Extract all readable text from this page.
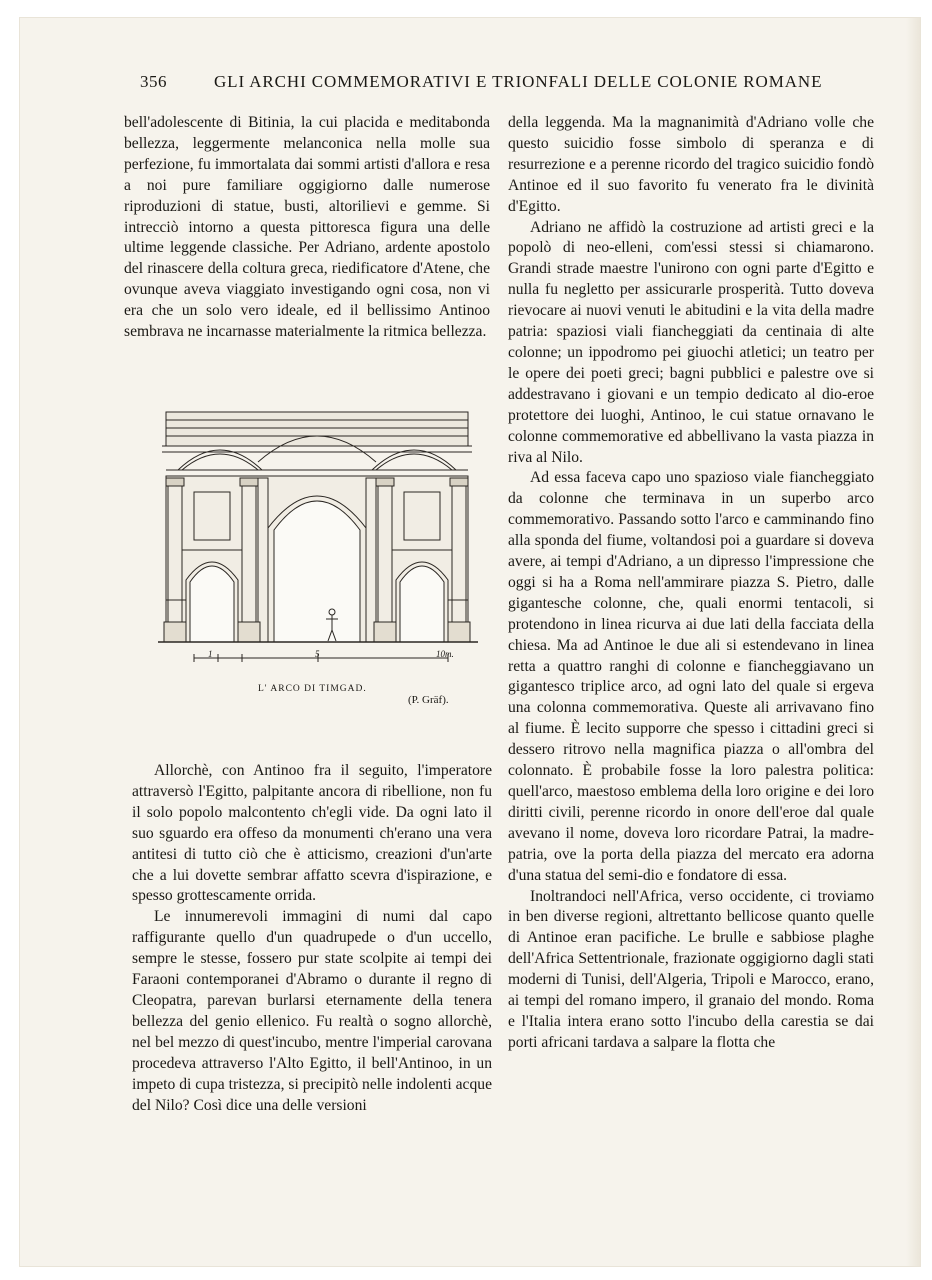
356	GLI ARCHI COMMEMORATIVI E TRIONFALI DELLE COLONIE ROMANE

bell'adolescente di Bitinia, la cui placida e meditabonda bellezza, leggermente melanconica nella molle sua perfezione, fu immortalata dai sommi artisti d'allora e resa a noi pure familiare oggigiorno dalle numerose riproduzioni di statue, busti, altorilievi e gemme. Si intrecciò intorno a questa pittoresca figura una delle ultime leggende classiche. Per Adriano, ardente apostolo del rinascere della coltura greca, riedificatore d'Atene, che ovunque aveva viaggiato investigando ogni cosa, non vi era che un solo vero ideale, ed il bellissimo Antinoo sembrava ne incarnasse materialmente la ritmica bellezza.

1	5	10m.
L' ARCO DI TIMGAD.
(P. Gräf).

Allorchè, con Antinoo fra il seguito, l'imperatore attraversò l'Egitto, palpitante ancora di ribellione, non fu il solo popolo malcontento ch'egli vide. Da ogni lato il suo sguardo era offeso da monumenti ch'erano una vera antitesi di tutto ciò che è atticismo, creazioni d'un'arte che a lui dovette sembrar affatto scevra d'ispirazione, e spesso grottescamente orrida.

Le innumerevoli immagini di numi dal capo raffigurante quello d'un quadrupede o d'un uccello, sempre le stesse, fossero pur state scolpite ai tempi dei Faraoni contemporanei d'Abramo o durante il regno di Cleopatra, parevan burlarsi eternamente della tenera bellezza del genio ellenico. Fu realtà o sogno allorchè, nel bel mezzo di quest'incubo, mentre l'imperial carovana procedeva attraverso l'Alto Egitto, il bell'Antinoo, in un impeto di cupa tristezza, si precipitò nelle indolenti acque del Nilo? Così dice una delle versioni

della leggenda. Ma la magnanimità d'Adriano volle che questo suicidio fosse simbolo di speranza e di resurrezione e a perenne ricordo del tragico suicidio fondò Antinoe ed il suo favorito fu venerato fra le divinità d'Egitto.

Adriano ne affidò la costruzione ad artisti greci e la popolò di neo-elleni, com'essi stessi si chiamarono. Grandi strade maestre l'unirono con ogni parte d'Egitto e nulla fu negletto per assicurarle prosperità. Tutto doveva rievocare ai nuovi venuti le abitudini e la vita della madre patria: spaziosi viali fiancheggiati da centinaia di alte colonne; un ippodromo pei giuochi atletici; un teatro per le opere dei poeti greci; bagni pubblici e palestre ove si addestravano i giovani e un tempio dedicato al dio-eroe protettore dei luoghi, Antinoo, le cui statue ornavano le colonne commemorative ed abbellivano la vasta piazza in riva al Nilo.

Ad essa faceva capo uno spazioso viale fiancheggiato da colonne che terminava in un superbo arco commemorativo. Passando sotto l'arco e camminando fino alla sponda del fiume, voltandosi poi a guardare si doveva avere, ai tempi d'Adriano, a un dipresso l'impressione che oggi si ha a Roma nell'ammirare piazza S. Pietro, dalle gigantesche colonne, che, quali enormi tentacoli, si protendono in linea ricurva ai due lati della facciata della chiesa. Ma ad Antinoe le due ali si estendevano in linea retta a quattro ranghi di colonne e fiancheggiavano un gigantesco triplice arco, ad ogni lato del quale si ergeva una colonna commemorativa. Queste ali arrivavano fino al fiume. È lecito supporre che spesso i cittadini greci si dessero ritrovo nella magnifica piazza o all'ombra del colonnato. È probabile fosse la loro palestra politica: quell'arco, maestoso emblema della loro origine e dei loro diritti civili, perenne ricordo in onore dell'eroe dal quale avevano il nome, doveva loro ricordare Patrai, la madre-patria, ove la porta della piazza del mercato era adorna d'una statua del semi-dio e fondatore di essa.

Inoltrandoci nell'Africa, verso occidente, ci troviamo in ben diverse regioni, altrettanto bellicose quanto quelle di Antinoe eran pacifiche. Le brulle e sabbiose plaghe dell'Africa Settentrionale, frazionate oggigiorno dagli stati moderni di Tunisi, dell'Algeria, Tripoli e Marocco, erano, ai tempi del romano impero, il granaio del mondo. Roma e l'Italia intera erano sotto l'incubo della carestia se dai porti africani tardava a salpare la flotta che
